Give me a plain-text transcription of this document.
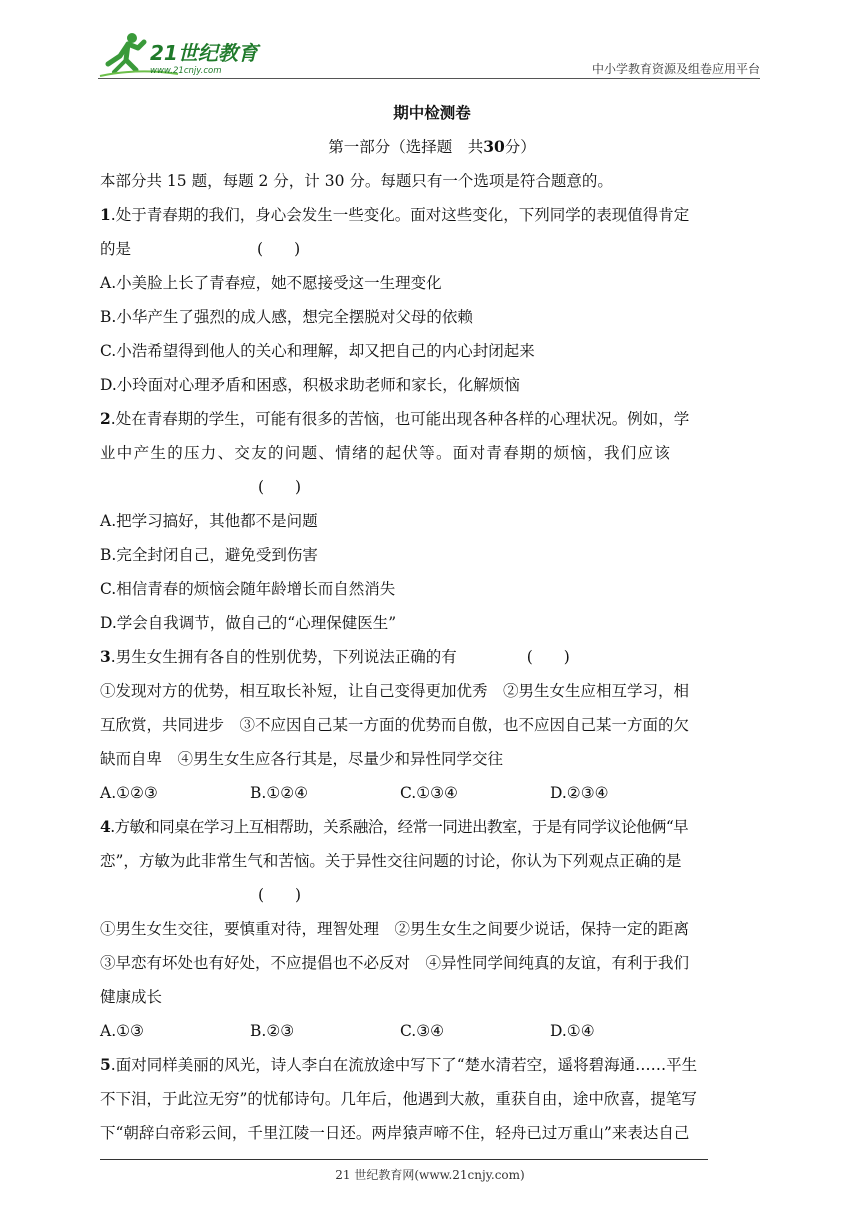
21世纪教育
www.21cnjy.com	中小学教育资源及组卷应用平台
期中检测卷
第一部分（选择题　共30分）
本部分共 15 题，每题 2 分，计 30 分。每题只有一个选项是符合题意的。
1.处于青春期的我们，身心会发生一些变化。面对这些变化，下列同学的表现值得肯定
的是	(　　)
A.小美脸上长了青春痘，她不愿接受这一生理变化
B.小华产生了强烈的成人感，想完全摆脱对父母的依赖
C.小浩希望得到他人的关心和理解，却又把自己的内心封闭起来
D.小玲面对心理矛盾和困惑，积极求助老师和家长，化解烦恼
2.处在青春期的学生，可能有很多的苦恼，也可能出现各种各样的心理状况。例如，学
业中产生的压力、交友的问题、情绪的起伏等。面对青春期的烦恼，我们应该
(　　)
A.把学习搞好，其他都不是问题
B.完全封闭自己，避免受到伤害
C.相信青春的烦恼会随年龄增长而自然消失
D.学会自我调节，做自己的“心理保健医生”
3.男生女生拥有各自的性别优势，下列说法正确的有	(　　)
①发现对方的优势，相互取长补短，让自己变得更加优秀　②男生女生应相互学习，相
互欣赏，共同进步　③不应因自己某一方面的优势而自傲，也不应因自己某一方面的欠
缺而自卑　④男生女生应各行其是，尽量少和异性同学交往
A.①②③	B.①②④	C.①③④	D.②③④
4.方敏和同桌在学习上互相帮助，关系融洽，经常一同进出教室，于是有同学议论他俩“早
恋”，方敏为此非常生气和苦恼。关于异性交往问题的讨论，你认为下列观点正确的是
(　　)
①男生女生交往，要慎重对待，理智处理　②男生女生之间要少说话，保持一定的距离
③早恋有坏处也有好处，不应提倡也不必反对　④异性同学间纯真的友谊，有利于我们
健康成长
A.①③	B.②③	C.③④	D.①④
5.面对同样美丽的风光，诗人李白在流放途中写下了“楚水清若空，遥将碧海通……平生
不下泪，于此泣无穷”的忧郁诗句。几年后，他遇到大赦，重获自由，途中欣喜，提笔写
下“朝辞白帝彩云间，千里江陵一日还。两岸猿声啼不住，轻舟已过万重山”来表达自己
21 世纪教育网(www.21cnjy.com)
